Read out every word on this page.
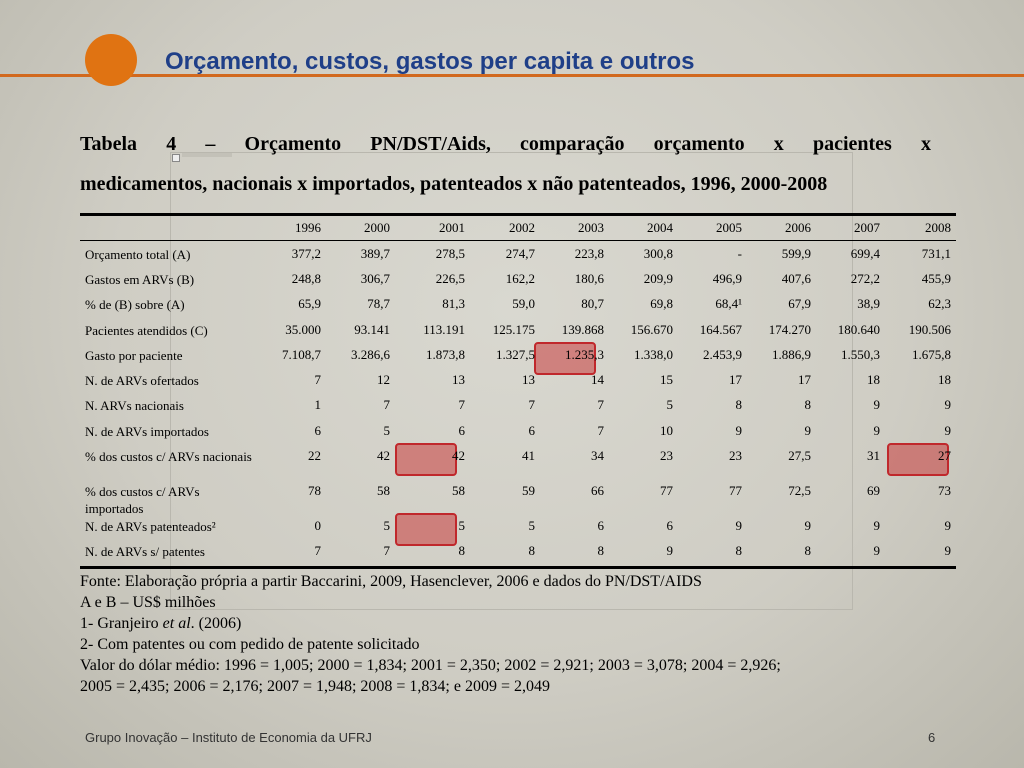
Orçamento, custos, gastos per capita e outros
Tabela 4 – Orçamento PN/DST/Aids, comparação orçamento x pacientes x
medicamentos, nacionais x importados, patenteados x não patenteados, 1996, 2000-2008
1996	2000	2001	2002	2003	2004	2005	2006	2007	2008
Orçamento total (A)	377,2	389,7	278,5	274,7	223,8	300,8	-	599,9	699,4	731,1
Gastos em ARVs (B)	248,8	306,7	226,5	162,2	180,6	209,9	496,9	407,6	272,2	455,9
% de (B) sobre (A)	65,9	78,7	81,3	59,0	80,7	69,8	68,4¹	67,9	38,9	62,3
Pacientes atendidos (C)	35.000	93.141	113.191 125.175 139.868 156.670 164.567 174.270 180.640 190.506
Gasto por paciente	7.108,7 3.286,6	1.873,8 1.327,5 1.235,3 1.338,0 2.453,9 1.886,9 1.550,3 1.675,8
N. de ARVs ofertados	7	12	13	13	14	15	17	17	18	18
N. ARVs nacionais	1	7	7	7	7	5	8	8	9	9
N. de ARVs importados	6	5	6	6	7	10	9	9	9	9
% dos custos c/ ARVs nacionais	22	42	42	41	34	23	23	27,5	31	27
% dos custos c/ ARVs importados
78	58	58	59	66	77	77	72,5	69	73
N. de ARVs patenteados²	0	5	5	5	6	6	9	9	9	9
N. de ARVs s/ patentes	7	7	8	8	8	9	8	8	9	9
Fonte: Elaboração própria a partir Baccarini, 2009, Hasenclever, 2006 e dados do PN/DST/AIDS
A e B – US$ milhões
1- Granjeiro et al. (2006)
2- Com patentes ou com pedido de patente solicitado
Valor do dólar médio: 1996 = 1,005; 2000 = 1,834; 2001 = 2,350; 2002 = 2,921; 2003 = 3,078; 2004 = 2,926;
2005 = 2,435; 2006 = 2,176; 2007 = 1,948; 2008 = 1,834; e 2009 = 2,049
Grupo Inovação – Instituto de Economia da UFRJ	6
